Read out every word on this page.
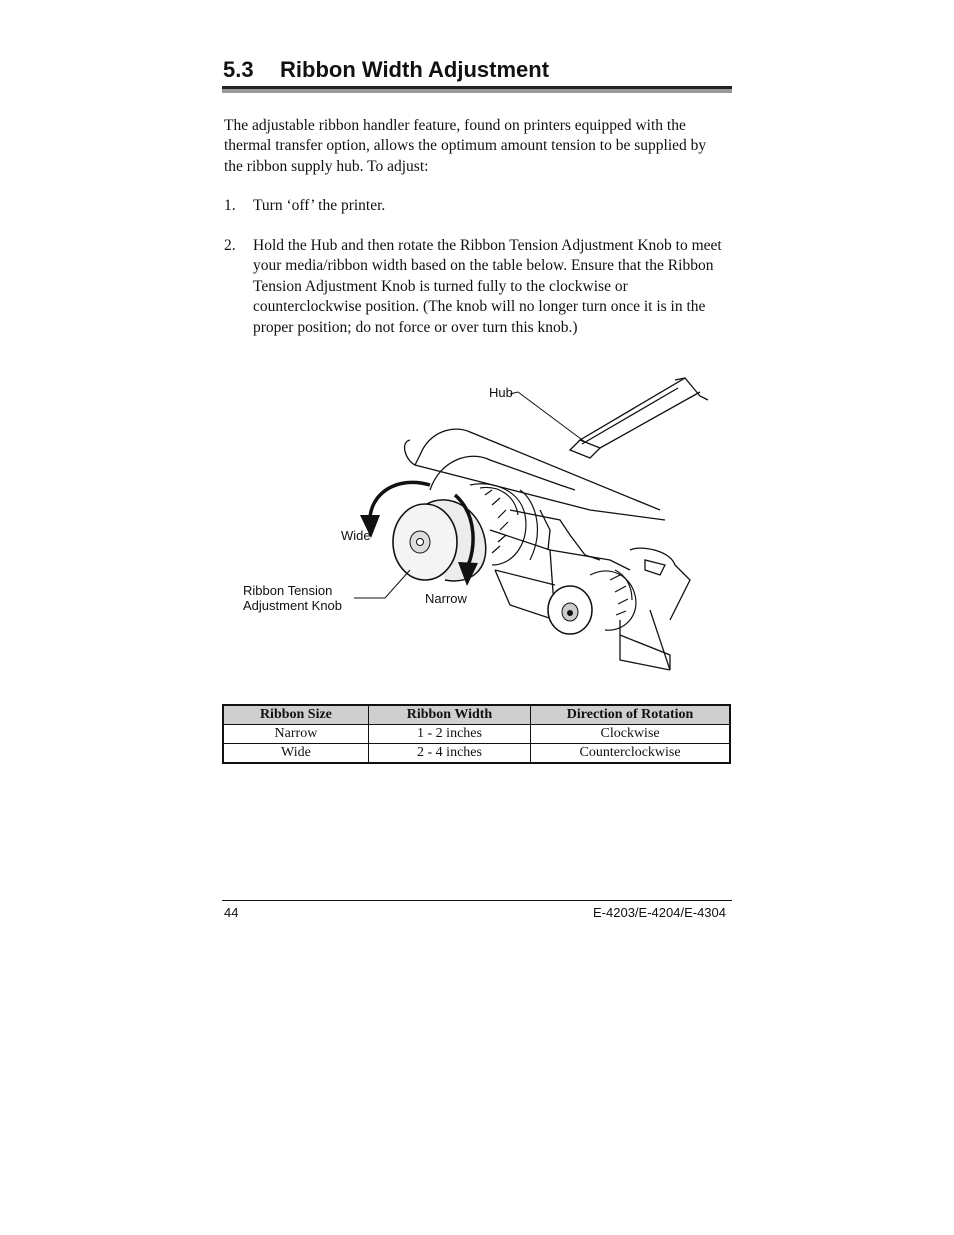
5.3 Ribbon Width Adjustment

The adjustable ribbon handler feature, found on printers equipped with the thermal transfer option, allows the optimum amount tension to be supplied by the ribbon supply hub. To adjust:

1. Turn ‘off’ the printer.
2. Hold the Hub and then rotate the Ribbon Tension Adjustment Knob to meet your media/ribbon width based on the table below. Ensure that the Ribbon Tension Adjustment Knob is turned fully to the clockwise or counterclockwise position. (The knob will no longer turn once it is in the proper position; do not force or over turn this knob.)
Hub
Wide
Narrow
Ribbon Tension
Adjustment Knob
Ribbon Size	Ribbon Width	Direction of Rotation
Narrow	1 - 2 inches	Clockwise
Wide	2 - 4 inches	Counterclockwise
44	E-4203/E-4204/E-4304
